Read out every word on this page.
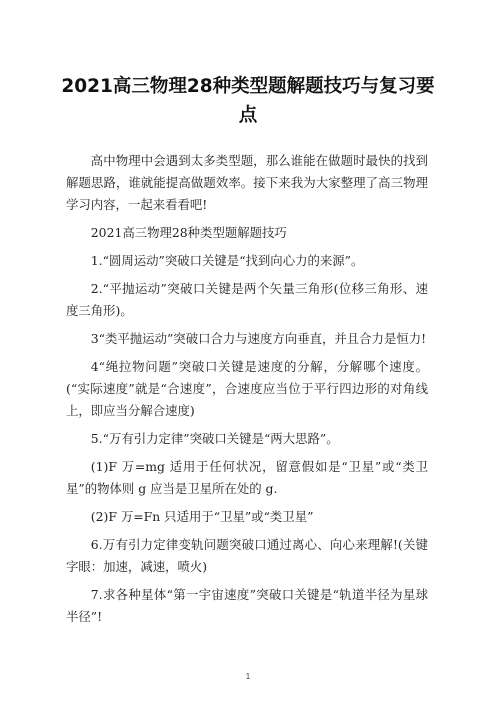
2021高三物理28种类型题解题技巧与复习要点

高中物理中会遇到太多类型题，那么谁能在做题时最快的找到解题思路，谁就能提高做题效率。接下来我为大家整理了高三物理学习内容，一起来看看吧!

2021高三物理28种类型题解题技巧

1.“圆周运动”突破口关键是“找到向心力的来源”。

2.“平抛运动”突破口关键是两个矢量三角形(位移三角形、速度三角形)。

3“类平抛运动”突破口合力与速度方向垂直，并且合力是恒力!

4“绳拉物问题”突破口关键是速度的分解，分解哪个速度。(“实际速度”就是“合速度”，合速度应当位于平行四边形的对角线上，即应当分解合速度)

5.“万有引力定律”突破口关键是“两大思路”。

(1)F 万=mg 适用于任何状况，留意假如是“卫星”或“类卫星”的物体则 g 应当是卫星所在处的 g.

(2)F 万=Fn 只适用于“卫星”或“类卫星”

6.万有引力定律变轨问题突破口通过离心、向心来理解!(关键字眼：加速，减速，喷火)

7.求各种星体“第一宇宙速度”突破口关键是“轨道半径为星球半径”!

1
